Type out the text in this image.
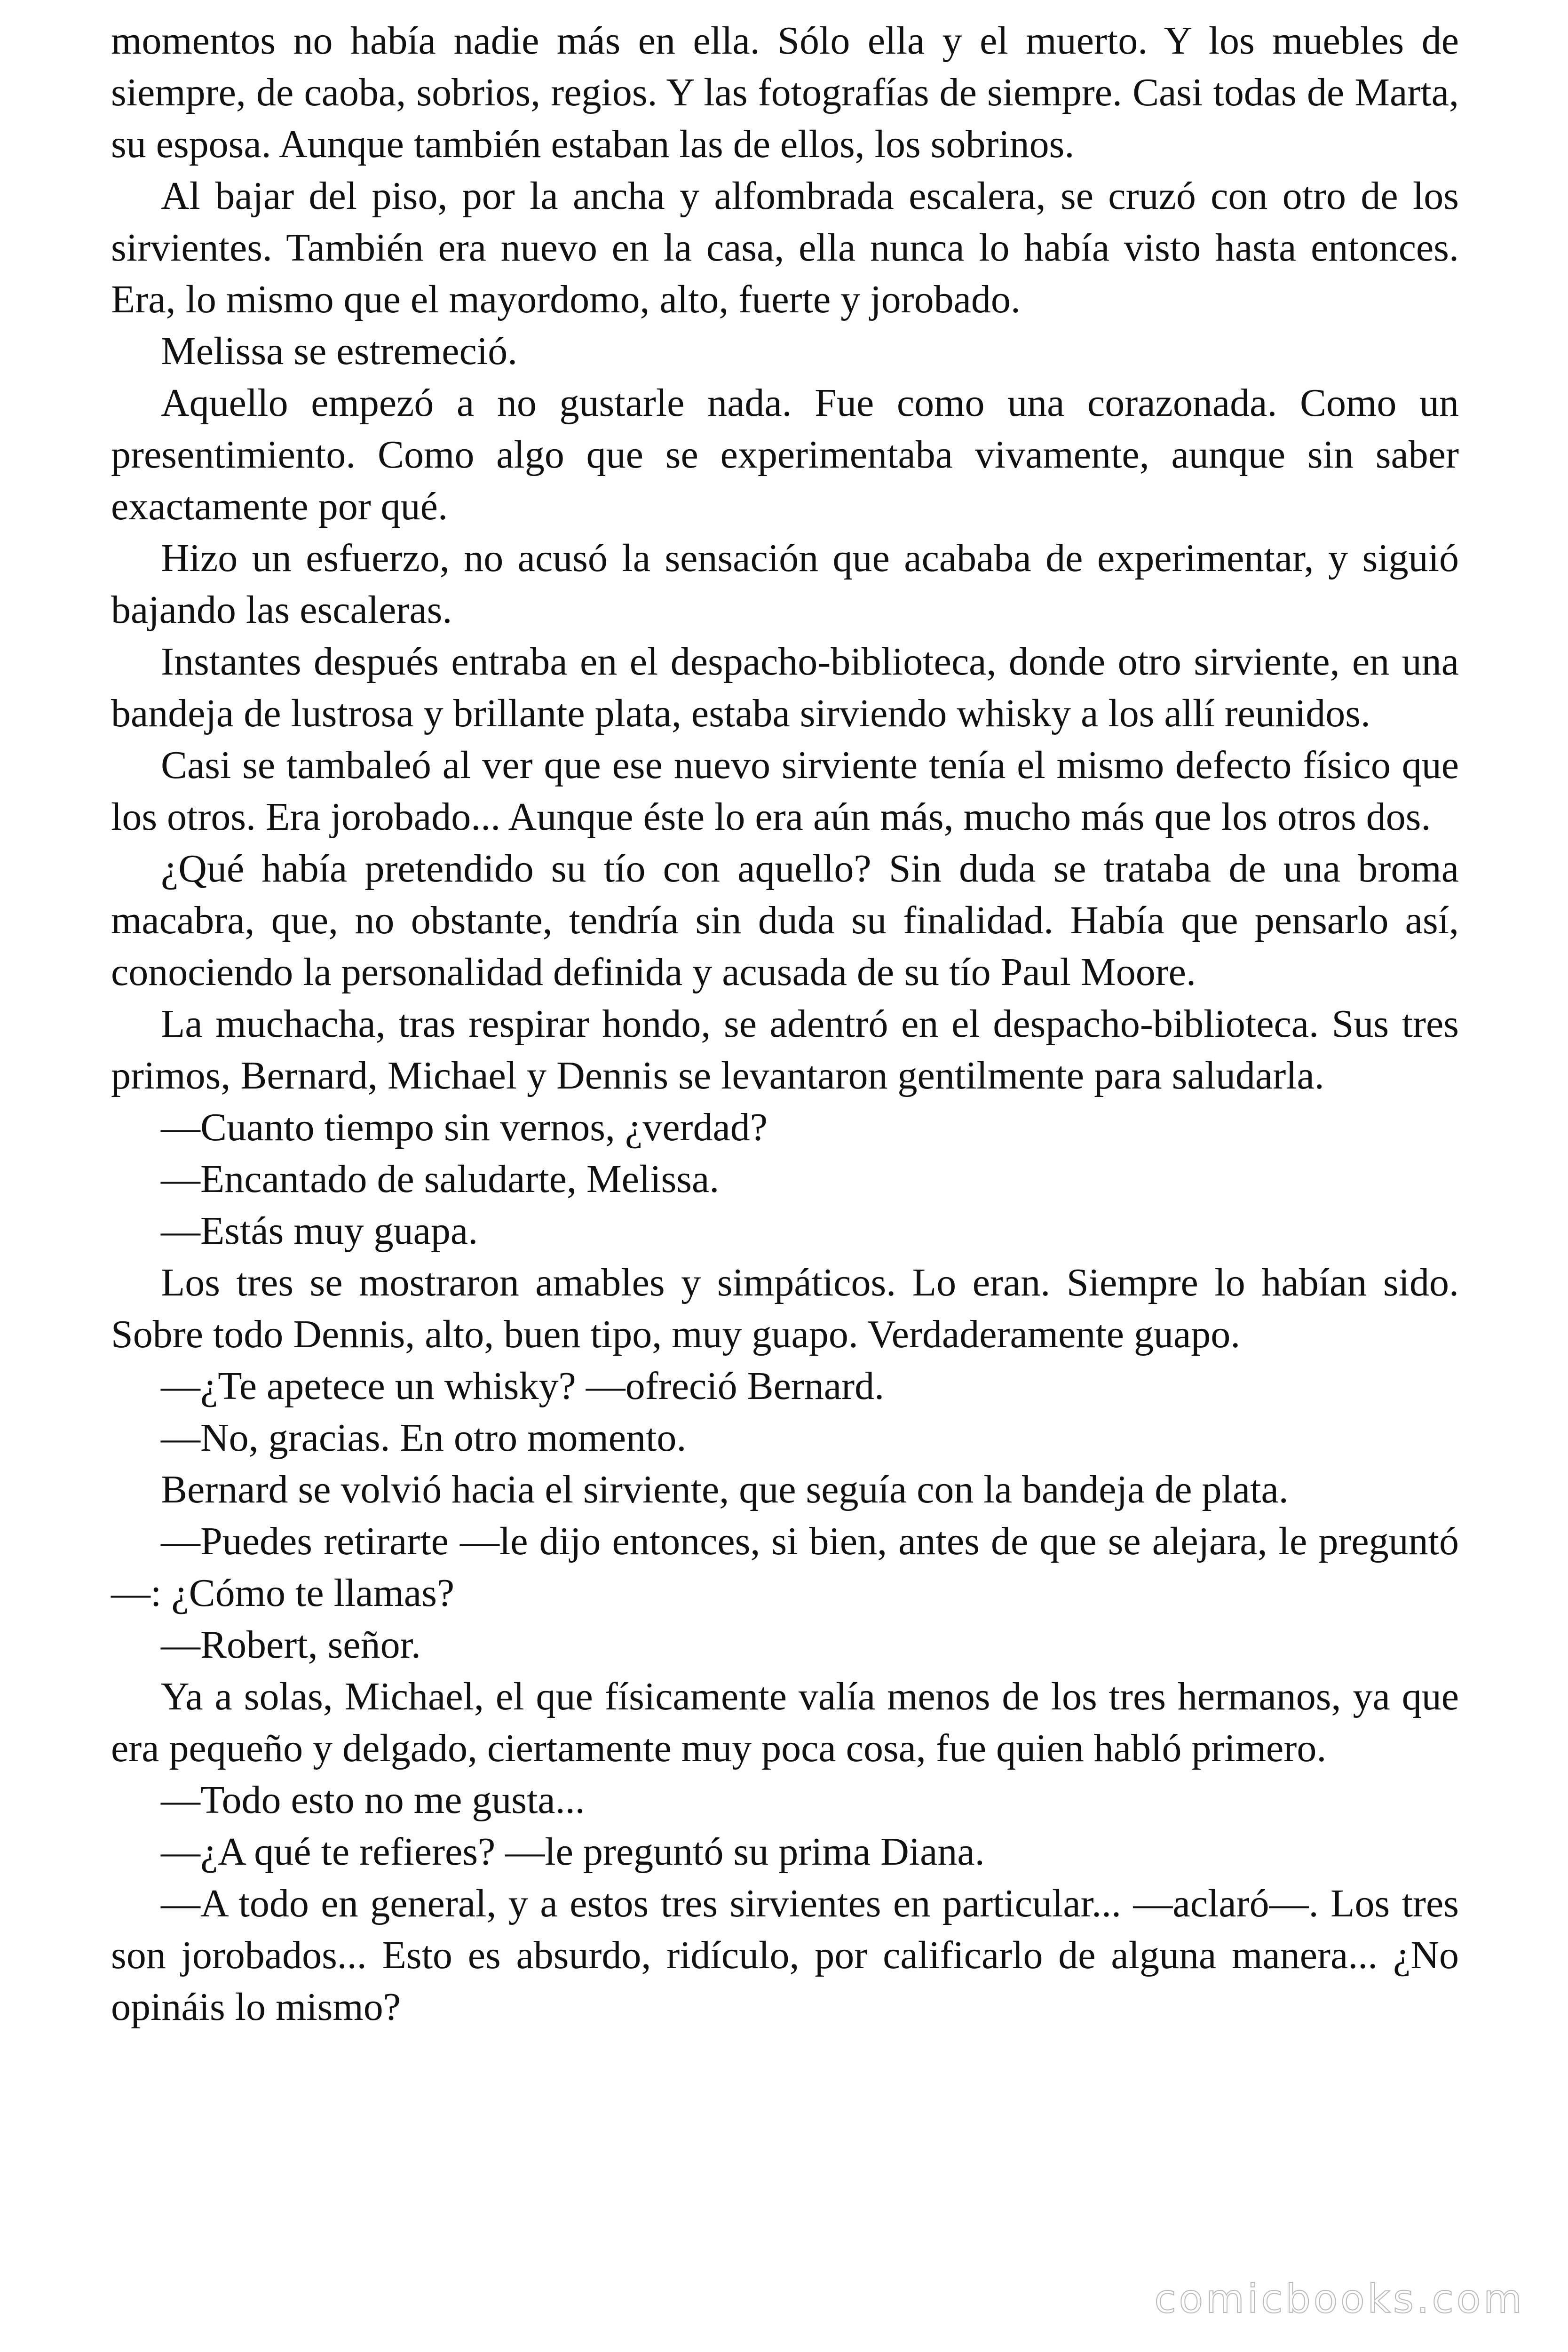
momentos no había nadie más en ella. Sólo ella y el muerto. Y los muebles de siempre, de caoba, sobrios, regios. Y las fotografías de siempre. Casi todas de Marta, su esposa. Aunque también estaban las de ellos, los sobrinos.

Al bajar del piso, por la ancha y alfombrada escalera, se cruzó con otro de los sirvientes. También era nuevo en la casa, ella nunca lo había visto hasta entonces. Era, lo mismo que el mayordomo, alto, fuerte y jorobado.

Melissa se estremeció.

Aquello empezó a no gustarle nada. Fue como una corazonada. Como un presentimiento. Como algo que se experimentaba vivamente, aunque sin saber exactamente por qué.

Hizo un esfuerzo, no acusó la sensación que acababa de experimentar, y siguió bajando las escaleras.

Instantes después entraba en el despacho-biblioteca, donde otro sirviente, en una bandeja de lustrosa y brillante plata, estaba sirviendo whisky a los allí reunidos.

Casi se tambaleó al ver que ese nuevo sirviente tenía el mismo defecto físico que los otros. Era jorobado... Aunque éste lo era aún más, mucho más que los otros dos.

¿Qué había pretendido su tío con aquello? Sin duda se trataba de una broma macabra, que, no obstante, tendría sin duda su finalidad. Había que pensarlo así, conociendo la personalidad definida y acusada de su tío Paul Moore.

La muchacha, tras respirar hondo, se adentró en el despacho-biblioteca. Sus tres primos, Bernard, Michael y Dennis se levantaron gentilmente para saludarla.

—Cuanto tiempo sin vernos, ¿verdad?

—Encantado de saludarte, Melissa.

—Estás muy guapa.

Los tres se mostraron amables y simpáticos. Lo eran. Siempre lo habían sido. Sobre todo Dennis, alto, buen tipo, muy guapo. Verdaderamente guapo.

—¿Te apetece un whisky? —ofreció Bernard.

—No, gracias. En otro momento.

Bernard se volvió hacia el sirviente, que seguía con la bandeja de plata.

—Puedes retirarte —le dijo entonces, si bien, antes de que se alejara, le preguntó—: ¿Cómo te llamas?

—Robert, señor.

Ya a solas, Michael, el que físicamente valía menos de los tres hermanos, ya que era pequeño y delgado, ciertamente muy poca cosa, fue quien habló primero.

—Todo esto no me gusta...

—¿A qué te refieres? —le preguntó su prima Diana.

—A todo en general, y a estos tres sirvientes en particular... —aclaró—. Los tres son jorobados... Esto es absurdo, ridículo, por calificarlo de alguna manera... ¿No opináis lo mismo?

comicbooks.com
